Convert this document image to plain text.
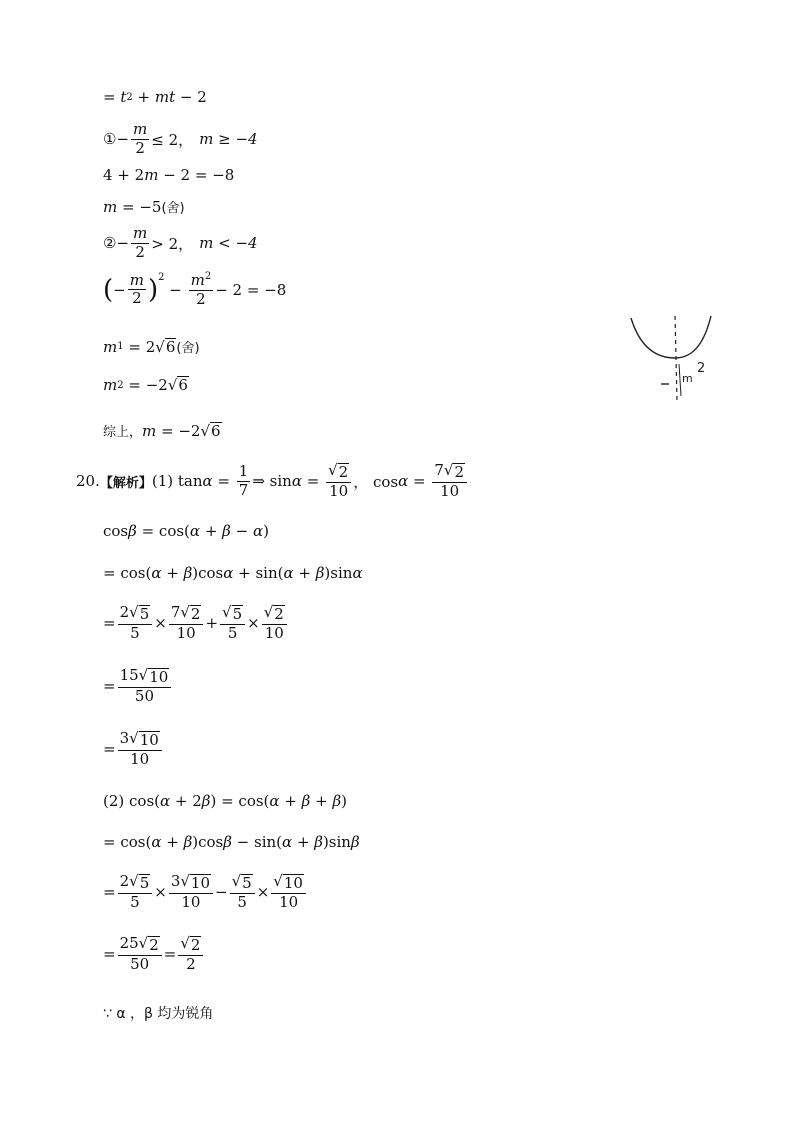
= t 2 + mt − 2
① − $\frac{m}{2} \le 2$， m ≥ −4
4 + 2 m − 2 = −8
m = −5 (舍)
② − $\frac{m}{2} > 2$， m < −4
( − $\frac{m}{2} )^2$
− $\frac{m^2}{2} - 2 = -8$
m 1 = 2 √ 6 (舍)
m 2 = −2 √ 6
综上， m = −2 √ 6
2
m
20. 【解析】 (1) $\tan \alpha = \frac{1}{7}$ ⇒ $\sin \alpha = \frac{√ 2}{10}$ ， $\cos \alpha = \frac{7 √ 2}{10}$
cos β = cos( α + β − α )
= cos( α + β )cos α + sin( α + β )sin α
= $\frac{2 √ 5}{5} \times \frac{7 √ 2}{10} + \frac{√ 5}{5} \times \frac{√ 2}{10}$
= $\frac{15 √ 10}{50}$
= $\frac{3 √ 10}{10}$
(2) cos( α + 2 β ) = cos( α + β + β )
= cos( α + β )cos β − sin( α + β )sin β
= $\frac{2 √ 5}{5} \times \frac{3 √ 10}{10} - \frac{√ 5}{5} \times \frac{√ 10}{10}$
= $\frac{25 √ 2}{50} = \frac{√ 2}{2}$
∵ α ，β 均为锐角
